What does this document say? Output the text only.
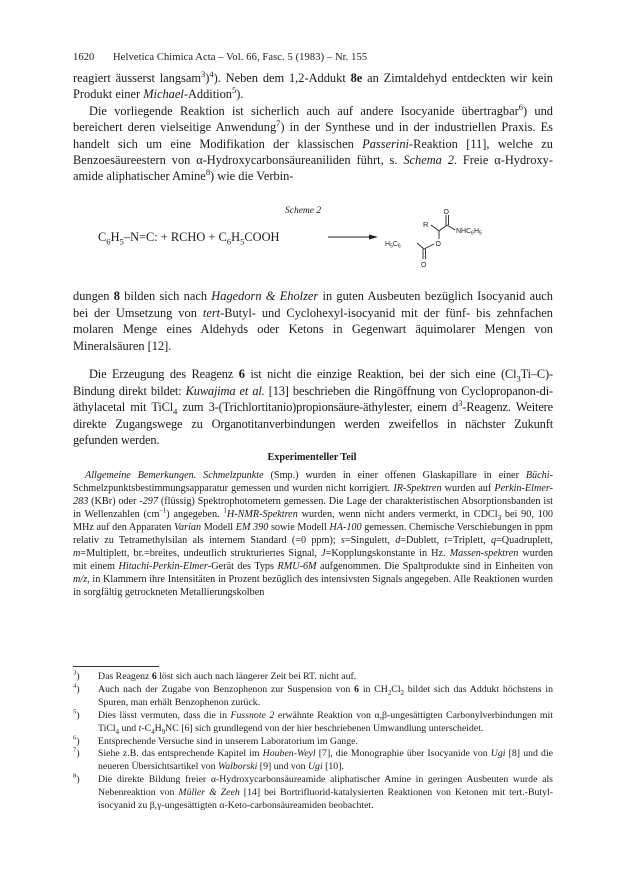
1620 Helvetica Chimica Acta – Vol. 66, Fasc. 5 (1983) – Nr. 155

reagiert äusserst langsam$^3$)$^4$). Neben dem 1,2-Addukt 8e an Zimtaldehyd entdeckten wir kein Produkt einer Michael-Addition$^5$).

Die vorliegende Reaktion ist sicherlich auch auf andere Isocyanide übertragbar$^6$) und bereichert deren vielseitige Anwendung$^7$) in der Synthese und in der industriellen Praxis. Es handelt sich um eine Modifikation der klassischen Passerini-Reaktion [11], welche zu Benzoesäureestern von α-Hydroxycarbonsäureaniliden führt, s. Schema 2. Freie α-Hydroxy-amide aliphatischer Amine$^8$) wie die Verbin-

Scheme 2
$C_6H_5-N=C$: + RCHO + $C_6H_5COOH$
R
O
$NHC_6H_5$
O
$H_5C_6$
O

dungen 8 bilden sich nach Hagedorn & Eholzer in guten Ausbeuten bezüglich Isocyanid auch bei der Umsetzung von tert-Butyl- und Cyclohexyl-isocyanid mit der fünf- bis zehnfachen molaren Menge eines Aldehyds oder Ketons in Gegenwart äquimolarer Mengen von Mineralsäuren [12].

Die Erzeugung des Reagenz 6 ist nicht die einzige Reaktion, bei der sich eine $(Cl_3Ti-C)$-Bindung direkt bildet: Kuwajima et al. [13] beschrieben die Ringöffnung von Cyclopropanon-di-äthylacetal mit TiCl$_4$ zum 3-(Trichlortitanio)propionsäure-äthylester, einem $d^3$-Reagenz. Weitere direkte Zugangswege zu Organotitanverbindungen werden zweifellos in nächster Zukunft gefunden werden.

Experimenteller Teil

Allgemeine Bemerkungen. Schmelzpunkte (Smp.) wurden in einer offenen Glaskapillare in einer Büchi-Schmelzpunktsbestimmungsapparatur gemessen und wurden nicht korrigiert. IR-Spektren wurden auf Perkin-Elmer-283 (KBr) oder -297 (flüssig) Spektrophotometern gemessen. Die Lage der charakteristischen Absorptionsbanden ist in Wellenzahlen $(cm^{-1})$ angegeben. $^1$H-NMR-Spektren wurden, wenn nicht anders vermerkt, in CDCl$_3$ bei 90, 100 MHz auf den Apparaten Varian Modell EM 390 sowie Modell HA-100 gemessen. Chemische Verschiebungen in ppm relativ zu Tetramethylsilan als internem Standard (=0 ppm); s=Singulett, d=Dublett, t=Triplett, q=Quadruplett, m=Multiplett, br.=breites, undeutlich strukturiertes Signal, J=Kopplungskonstante in Hz. Massen-spektren wurden mit einem Hitachi-Perkin-Elmer-Gerät des Typs RMU-6M aufgenommen. Die Spaltprodukte sind in Einheiten von m/z, in Klammern ihre Intensitäten in Prozent bezüglich des intensivsten Signals angegeben. Alle Reaktionen wurden in sorgfältig getrockneten Metallierungskolben

$^3$) Das Reagenz 6 löst sich auch nach längerer Zeit bei RT. nicht auf.

$^4$) Auch nach der Zugabe von Benzophenon zur Suspension von 6 in $CH_2Cl_2$ bildet sich das Addukt höchstens in Spuren, man erhält Benzophenon zurück.

$^5$) Dies lässt vermuten, dass die in Fussnote 2 erwähnte Reaktion von α,β-ungesättigten Carbonylverbindungen mit TiCl$_4$ und $t-C_4H_9NC$ [6] sich grundlegend von der hier beschriebenen Umwandlung unterscheidet.

$^6$) Entsprechende Versuche sind in unserem Laboratorium im Gange.

$^7$) Siehe z.B. das entsprechende Kapitel im Houben-Weyl [7], die Monographie über Isocyanide von Ugi [8] und die neueren Übersichtsartikel von Walborski [9] und von Ugi [10].

$^8$) Die direkte Bildung freier α-Hydroxycarbonsäureamide aliphatischer Amine in geringen Ausbeuten wurde als Nebenreaktion von Müller & Zeeh [14] bei Bortrifluorid-katalysierten Reaktionen von Ketonen mit tert.-Butyl-isocyanid zu β,γ-ungesättigten α-Keto-carbonsäureamiden beobachtet.
